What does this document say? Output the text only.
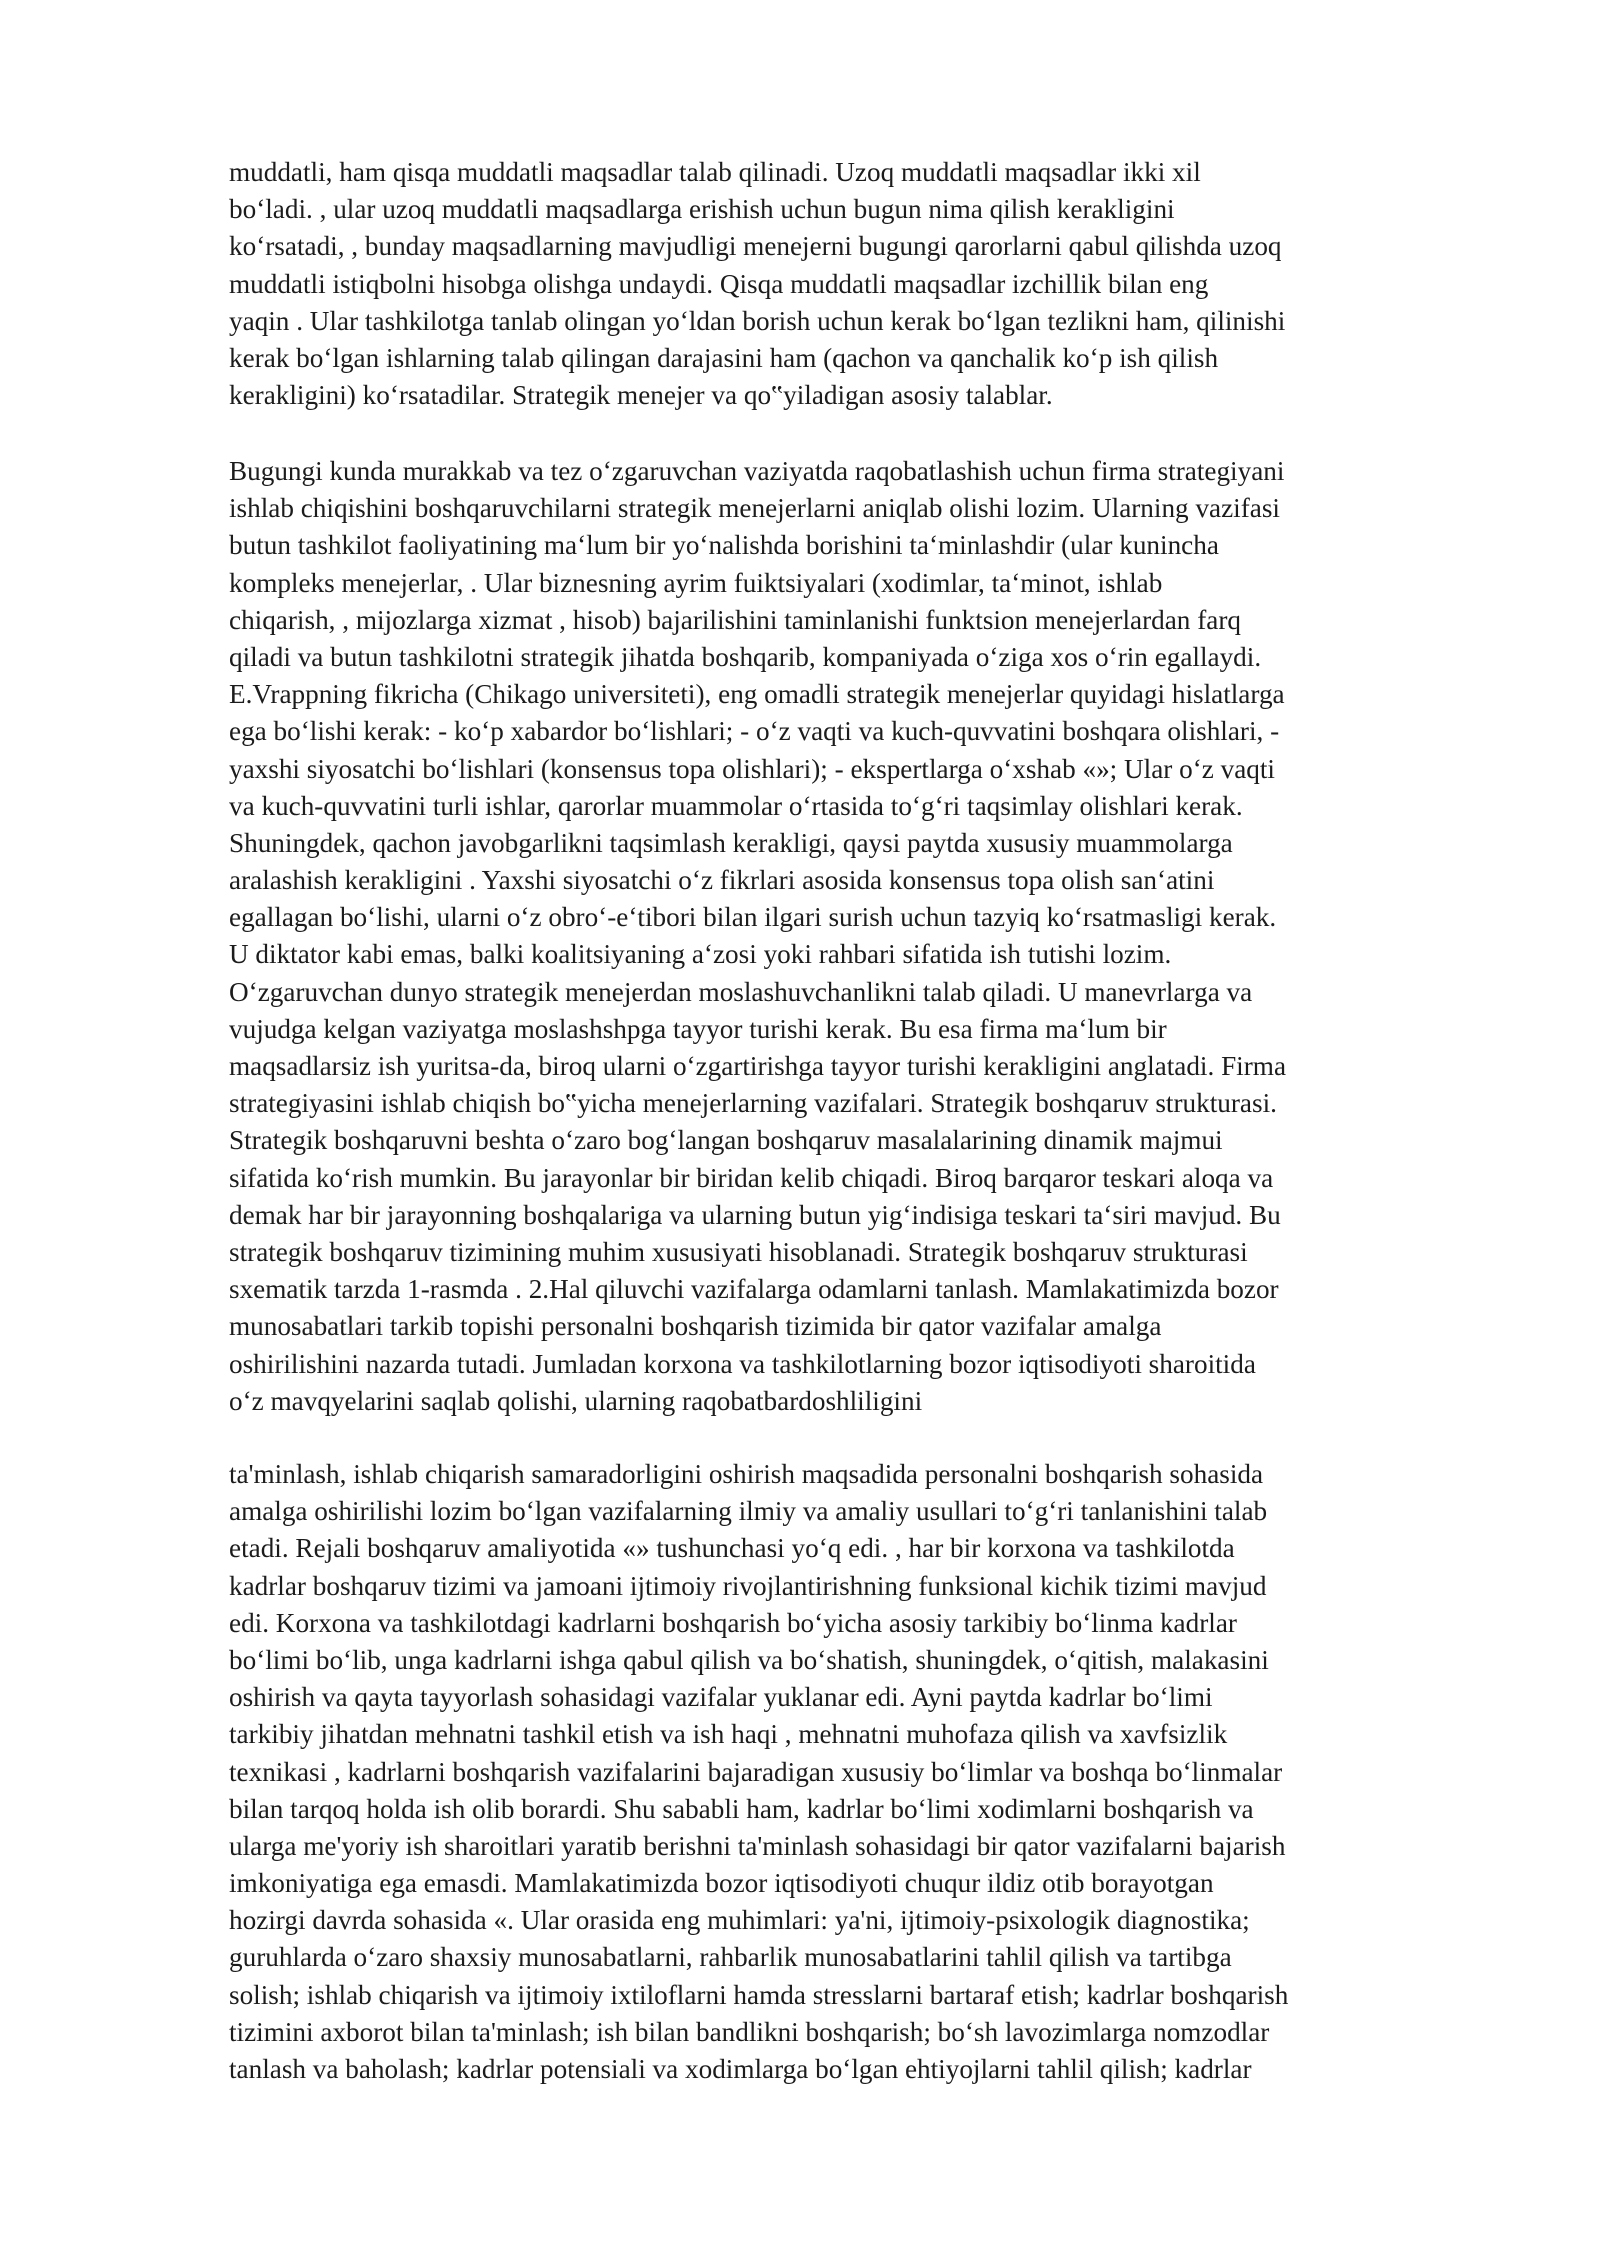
muddatli, ham qisqa muddatli maqsadlar talab qilinadi. Uzoq muddatli maqsadlar ikki xil
bo‘ladi. , ular uzoq muddatli maqsadlarga erishish uchun bugun nima qilish kerakligini
ko‘rsatadi, , bunday maqsadlarning mavjudligi menejerni bugungi qarorlarni qabul qilishda uzoq
muddatli istiqbolni hisobga olishga undaydi. Qisqa muddatli maqsadlar izchillik bilan eng
yaqin . Ular tashkilotga tanlab olingan yo‘ldan borish uchun kerak bo‘lgan tezlikni ham, qilinishi
kerak bo‘lgan ishlarning talab qilingan darajasini ham (qachon va qanchalik ko‘p ish qilish
kerakligini) ko‘rsatadilar. Strategik menejer va qo‟yiladigan asosiy talablar.

Bugungi kunda murakkab va tez o‘zgaruvchan vaziyatda raqobatlashish uchun firma strategiyani
ishlab chiqishini boshqaruvchilarni strategik menejerlarni aniqlab olishi lozim. Ularning vazifasi
butun tashkilot faoliyatining ma‘lum bir yo‘nalishda borishini ta‘minlashdir (ular kunincha
kompleks menejerlar, . Ular biznesning ayrim fuiktsiyalari (xodimlar, ta‘minot, ishlab
chiqarish, , mijozlarga xizmat , hisob) bajarilishini taminlanishi funktsion menejerlardan farq
qiladi va butun tashkilotni strategik jihatda boshqarib, kompaniyada o‘ziga xos o‘rin egallaydi.
E.Vrappning fikricha (Chikago universiteti), eng omadli strategik menejerlar quyidagi hislatlarga
ega bo‘lishi kerak: - ko‘p xabardor bo‘lishlari; - o‘z vaqti va kuch-quvvatini boshqara olishlari, -
yaxshi siyosatchi bo‘lishlari (konsensus topa olishlari); - ekspertlarga o‘xshab «»; Ular o‘z vaqti
va kuch-quvvatini turli ishlar, qarorlar muammolar o‘rtasida to‘g‘ri taqsimlay olishlari kerak.
Shuningdek, qachon javobgarlikni taqsimlash kerakligi, qaysi paytda xususiy muammolarga
aralashish kerakligini . Yaxshi siyosatchi o‘z fikrlari asosida konsensus topa olish san‘atini
egallagan bo‘lishi, ularni o‘z obro‘-e‘tibori bilan ilgari surish uchun tazyiq ko‘rsatmasligi kerak.
U diktator kabi emas, balki koalitsiyaning a‘zosi yoki rahbari sifatida ish tutishi lozim.
O‘zgaruvchan dunyo strategik menejerdan moslashuvchanlikni talab qiladi. U manevrlarga va
vujudga kelgan vaziyatga moslashshpga tayyor turishi kerak. Bu esa firma ma‘lum bir
maqsadlarsiz ish yuritsa-da, biroq ularni o‘zgartirishga tayyor turishi kerakligini anglatadi. Firma
strategiyasini ishlab chiqish bo‟yicha menejerlarning vazifalari. Strategik boshqaruv strukturasi.
Strategik boshqaruvni beshta o‘zaro bog‘langan boshqaruv masalalarining dinamik majmui
sifatida ko‘rish mumkin. Bu jarayonlar bir biridan kelib chiqadi. Biroq barqaror teskari aloqa va
demak har bir jarayonning boshqalariga va ularning butun yig‘indisiga teskari ta‘siri mavjud. Bu
strategik boshqaruv tizimining muhim xususiyati hisoblanadi. Strategik boshqaruv strukturasi
sxematik tarzda 1-rasmda . 2.Hal qiluvchi vazifalarga odamlarni tanlash. Mamlakatimizda bozor
munosabatlari tarkib topishi personalni boshqarish tizimida bir qator vazifalar amalga
oshirilishini nazarda tutadi. Jumladan korxona va tashkilotlarning bozor iqtisodiyoti sharoitida
o‘z mavqyelarini saqlab qolishi, ularning raqobatbardoshliligini

ta'minlash, ishlab chiqarish samaradorligini oshirish maqsadida personalni boshqarish sohasida
amalga oshirilishi lozim bo‘lgan vazifalarning ilmiy va amaliy usullari to‘g‘ri tanlanishini talab
etadi. Rejali boshqaruv amaliyotida «» tushunchasi yo‘q edi. , har bir korxona va tashkilotda
kadrlar boshqaruv tizimi va jamoani ijtimoiy rivojlantirishning funksional kichik tizimi mavjud
edi. Korxona va tashkilotdagi kadrlarni boshqarish bo‘yicha asosiy tarkibiy bo‘linma kadrlar
bo‘limi bo‘lib, unga kadrlarni ishga qabul qilish va bo‘shatish, shuningdek, o‘qitish, malakasini
oshirish va qayta tayyorlash sohasidagi vazifalar yuklanar edi. Ayni paytda kadrlar bo‘limi
tarkibiy jihatdan mehnatni tashkil etish va ish haqi , mehnatni muhofaza qilish va xavfsizlik
texnikasi , kadrlarni boshqarish vazifalarini bajaradigan xususiy bo‘limlar va boshqa bo‘linmalar
bilan tarqoq holda ish olib borardi. Shu sababli ham, kadrlar bo‘limi xodimlarni boshqarish va
ularga me'yoriy ish sharoitlari yaratib berishni ta'minlash sohasidagi bir qator vazifalarni bajarish
imkoniyatiga ega emasdi. Mamlakatimizda bozor iqtisodiyoti chuqur ildiz otib borayotgan
hozirgi davrda sohasida «. Ular orasida eng muhimlari: ya'ni, ijtimoiy-psixologik diagnostika;
guruhlarda o‘zaro shaxsiy munosabatlarni, rahbarlik munosabatlarini tahlil qilish va tartibga
solish; ishlab chiqarish va ijtimoiy ixtiloflarni hamda stresslarni bartaraf etish; kadrlar boshqarish
tizimini axborot bilan ta'minlash; ish bilan bandlikni boshqarish; bo‘sh lavozimlarga nomzodlar
tanlash va baholash; kadrlar potensiali va xodimlarga bo‘lgan ehtiyojlarni tahlil qilish; kadrlar
